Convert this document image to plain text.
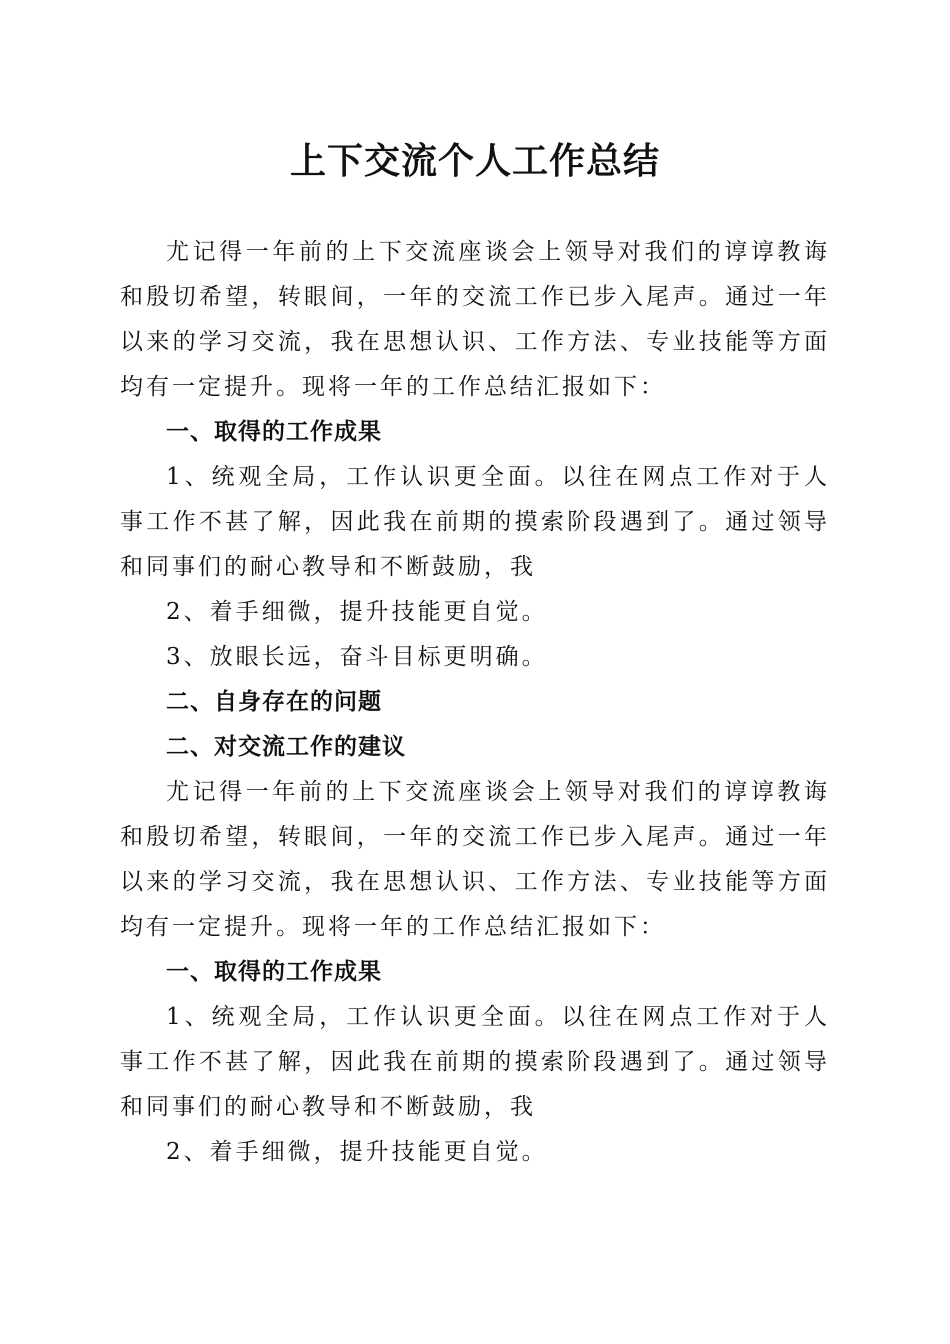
上下交流个人工作总结

尤记得一年前的上下交流座谈会上领导对我们的谆谆教诲和殷切希望，转眼间，一年的交流工作已步入尾声。通过一年以来的学习交流，我在思想认识、工作方法、专业技能等方面均有一定提升。现将一年的工作总结汇报如下：

一、取得的工作成果

1、统观全局，工作认识更全面。以往在网点工作对于人事工作不甚了解，因此我在前期的摸索阶段遇到了。通过领导和同事们的耐心教导和不断鼓励，我

2、着手细微，提升技能更自觉。

3、放眼长远，奋斗目标更明确。

二、自身存在的问题

二、对交流工作的建议

尤记得一年前的上下交流座谈会上领导对我们的谆谆教诲和殷切希望，转眼间，一年的交流工作已步入尾声。通过一年以来的学习交流，我在思想认识、工作方法、专业技能等方面均有一定提升。现将一年的工作总结汇报如下：

一、取得的工作成果

1、统观全局，工作认识更全面。以往在网点工作对于人事工作不甚了解，因此我在前期的摸索阶段遇到了。通过领导和同事们的耐心教导和不断鼓励，我

2、着手细微，提升技能更自觉。
